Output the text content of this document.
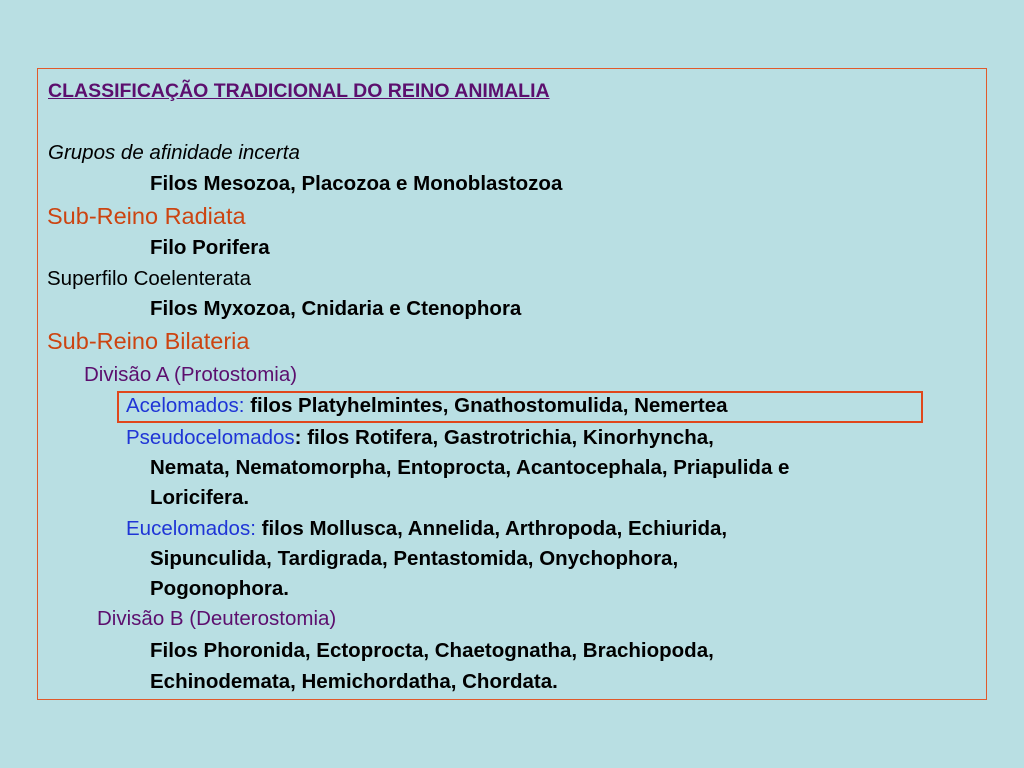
CLASSIFICAÇÃO TRADICIONAL DO REINO ANIMALIA
Grupos de afinidade incerta
Filos Mesozoa, Placozoa e Monoblastozoa
Sub-Reino Radiata
Filo Porifera
Superfilo Coelenterata
Filos Myxozoa, Cnidaria e Ctenophora
Sub-Reino Bilateria
Divisão A (Protostomia)
Acelomados: filos Platyhelmintes, Gnathostomulida, Nemertea
Pseudocelomados: filos Rotifera, Gastrotrichia, Kinorhyncha,
Nemata, Nematomorpha, Entoprocta, Acantocephala, Priapulida e
Loricifera.
Eucelomados: filos Mollusca, Annelida, Arthropoda, Echiurida,
Sipunculida, Tardigrada, Pentastomida, Onychophora,
Pogonophora.
Divisão B (Deuterostomia)
Filos Phoronida, Ectoprocta, Chaetognatha, Brachiopoda,
Echinodemata, Hemichordatha, Chordata.
